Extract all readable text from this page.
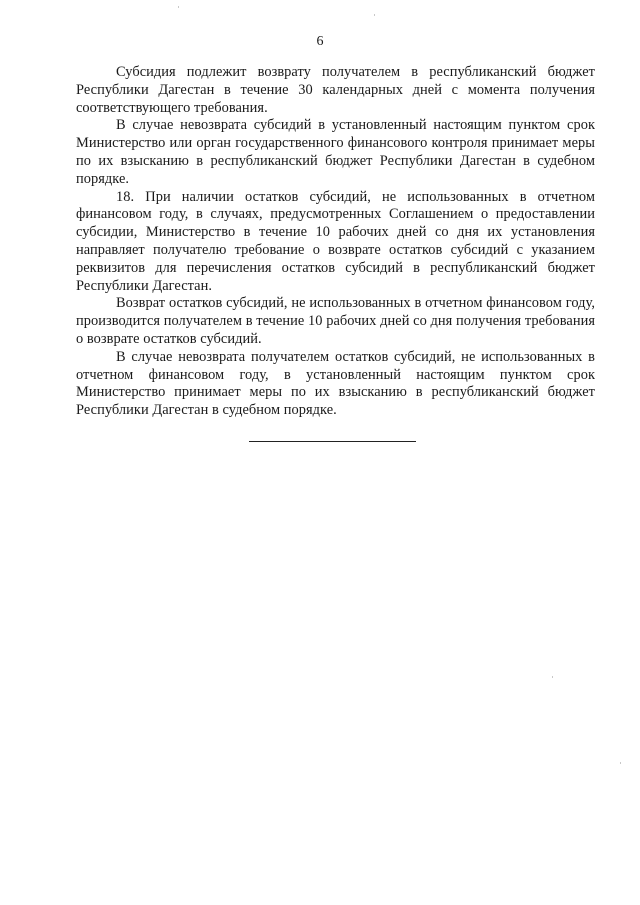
6

Субсидия подлежит возврату получателем в республиканский бюджет Республики Дагестан в течение 30 календарных дней с момента получения соответствующего требования.

В случае невозврата субсидий в установленный настоящим пунктом срок Министерство или орган государственного финансового контроля принимает меры по их взысканию в республиканский бюджет Республики Дагестан в судебном порядке.

18. При наличии остатков субсидий, не использованных в отчетном финансовом году, в случаях, предусмотренных Соглашением о предоставлении субсидии, Министерство в течение 10 рабочих дней со дня их установления направляет получателю требование о возврате остатков субсидий с указанием реквизитов для перечисления остатков субсидий в республиканский бюджет Республики Дагестан.

Возврат остатков субсидий, не использованных в отчетном финансовом году, производится получателем в течение 10 рабочих дней со дня получения требования о возврате остатков субсидий.

В случае невозврата получателем остатков субсидий, не использованных в отчетном финансовом году, в установленный настоящим пунктом срок Министерство принимает меры по их взысканию в республиканский бюджет Республики Дагестан в судебном порядке.
